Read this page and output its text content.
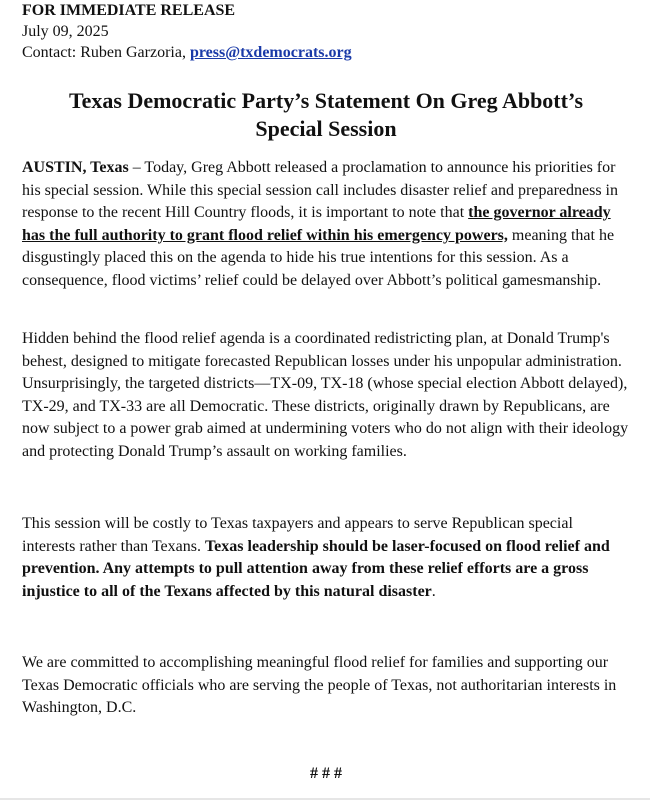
FOR IMMEDIATE RELEASE
July 09, 2025
Contact: Ruben Garzoria, press@txdemocrats.org
Texas Democratic Party’s Statement On Greg Abbott’s
Special Session

AUSTIN, Texas – Today, Greg Abbott released a proclamation to announce his priorities for his special session. While this special session call includes disaster relief and preparedness in response to the recent Hill Country floods, it is important to note that the governor already has the full authority to grant flood relief within his emergency powers, meaning that he disgustingly placed this on the agenda to hide his true intentions for this session. As a consequence, flood victims’ relief could be delayed over Abbott’s political gamesmanship.

Hidden behind the flood relief agenda is a coordinated redistricting plan, at Donald Trump's behest, designed to mitigate forecasted Republican losses under his unpopular administration. Unsurprisingly, the targeted districts—TX-09, TX-18 (whose special election Abbott delayed), TX-29, and TX-33 are all Democratic. These districts, originally drawn by Republicans, are now subject to a power grab aimed at undermining voters who do not align with their ideology and protecting Donald Trump’s assault on working families.

This session will be costly to Texas taxpayers and appears to serve Republican special interests rather than Texans. Texas leadership should be laser-focused on flood relief and prevention. Any attempts to pull attention away from these relief efforts are a gross injustice to all of the Texans affected by this natural disaster.

We are committed to accomplishing meaningful flood relief for families and supporting our Texas Democratic officials who are serving the people of Texas, not authoritarian interests in Washington, D.C.

# # #
